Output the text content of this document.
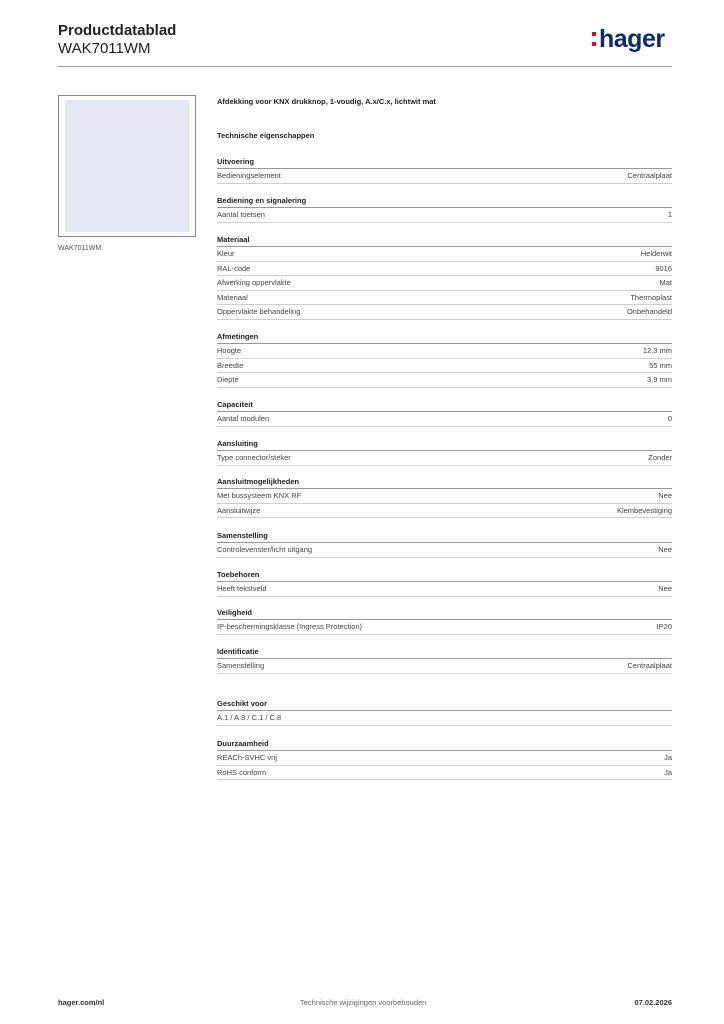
Productdatablad
WAK7011WM	hager
WAK7011WM
Afdekking voor KNX drukknop, 1-voudig, A.x/C.x, lichtwit mat
Technische eigenschappen
Uitvoering
Bedieningselement	Centraalplaat
Bediening en signalering
Aantal toetsen	1
Materiaal
Kleur	Helderwit
RAL-code	9016
Afwerking oppervlakte	Mat
Materiaal	Thermoplast
Oppervlakte behandeling	Onbehandeld
Afmetingen
Hoogte	12,3 mm
Breedte	55 mm
Diepte	3,9 mm
Capaciteit
Aantal modulen	0
Aansluiting
Type connector/steker	Zonder
Aansluitmogelijkheden
Met bussysteem KNX RF	Nee
Aansluitwijze	Klembevestiging
Samenstelling
Controlevenster/licht uitgang	Nee
Toebehoren
Heeft tekstveld	Nee
Veiligheid
IP-beschermingsklasse (Ingress Protection)	IP20
Identificatie
Samenstelling	Centraalplaat
Geschikt voor
A.1 / A.8 / C.1 / C.8
Duurzaamheid
REACh-SVHC vrij	Ja
RoHS conform	Ja
hager.com/nl	Technische wijzigingen voorbehouden	07.02.2026
